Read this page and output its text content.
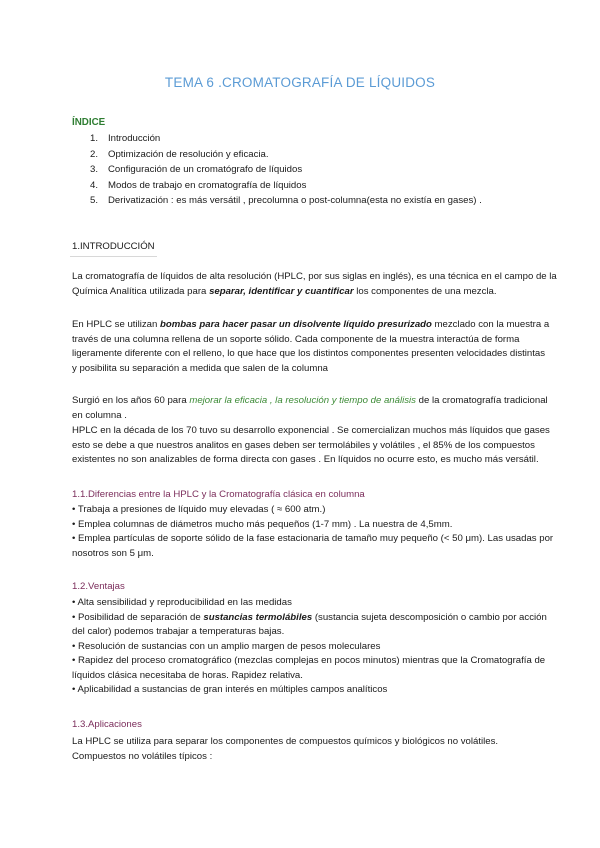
TEMA 6 .CROMATOGRAFÍA DE LÍQUIDOS
ÍNDICE
1. Introducción
2. Optimización de resolución y eficacia.
3. Configuración de un cromatógrafo de líquidos
4. Modos de trabajo en cromatografía de líquidos
5. Derivatización : es más versátil , precolumna o post-columna(esta no existía en gases) .
1.INTRODUCCIÓN
La cromatografía de líquidos de alta resolución (HPLC, por sus siglas en inglés), es una técnica en el campo de la
Química Analítica utilizada para separar, identificar y cuantificar los componentes de una mezcla.
En HPLC se utilizan bombas para hacer pasar un disolvente líquido presurizado mezclado con la muestra a
través de una columna rellena de un soporte sólido. Cada componente de la muestra interactúa de forma
ligeramente diferente con el relleno, lo que hace que los distintos componentes presenten velocidades distintas
y posibilita su separación a medida que salen de la columna
Surgió en los años 60 para mejorar la eficacia , la resolución y tiempo de análisis de la cromatografía tradicional
en columna .
HPLC en la década de los 70 tuvo su desarrollo exponencial . Se comercializan muchos más líquidos que gases
esto se debe a que nuestros analitos en gases deben ser termolábiles y volátiles , el 85% de los compuestos
existentes no son analizables de forma directa con gases . En líquidos no ocurre esto, es mucho más versátil.
1.1.Diferencias entre la HPLC y la Cromatografía clásica en columna
• Trabaja a presiones de líquido muy elevadas ( ≈ 600 atm.)
• Emplea columnas de diámetros mucho más pequeños (1-7 mm) . La nuestra de 4,5mm.
• Emplea partículas de soporte sólido de la fase estacionaria de tamaño muy pequeño (< 50 μm). Las usadas por
nosotros son 5 μm.
1.2.Ventajas
• Alta sensibilidad y reproducibilidad en las medidas
• Posibilidad de separación de sustancias termolábiles (sustancia sujeta descomposición o cambio por acción
del calor) podemos trabajar a temperaturas bajas.
• Resolución de sustancias con un amplio margen de pesos moleculares
• Rapidez del proceso cromatográfico (mezclas complejas en pocos minutos) mientras que la Cromatografía de
líquidos clásica necesitaba de horas. Rapidez relativa.
• Aplicabilidad a sustancias de gran interés en múltiples campos analíticos
1.3.Aplicaciones
La HPLC se utiliza para separar los componentes de compuestos químicos y biológicos no volátiles.
Compuestos no volátiles típicos :
